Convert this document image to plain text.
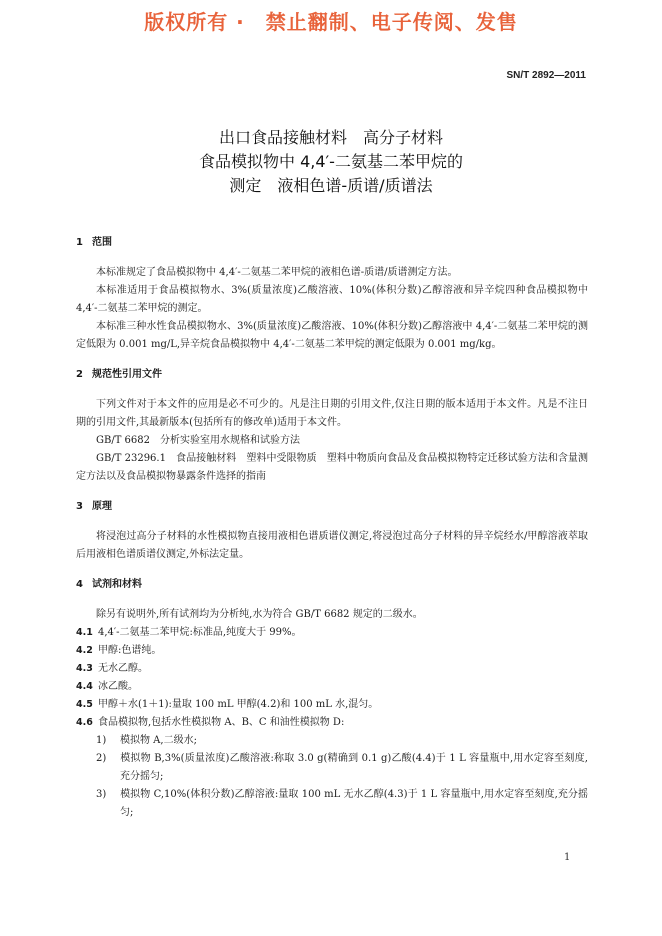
版权所有 ·　禁止翻制、电子传阅、发售
SN/T 2892—2011
出口食品接触材料　高分子材料
食品模拟物中 4,4′-二氨基二苯甲烷的
测定　液相色谱-质谱/质谱法
1 范围
本标准规定了食品模拟物中 4,4′-二氨基二苯甲烷的液相色谱-质谱/质谱测定方法。
本标准适用于食品模拟物水、3%(质量浓度)乙酸溶液、10%(体积分数)乙醇溶液和异辛烷四种食品模拟物中 4,4′-二氨基二苯甲烷的测定。
本标准三种水性食品模拟物水、3%(质量浓度)乙酸溶液、10%(体积分数)乙醇溶液中 4,4′-二氨基二苯甲烷的测定低限为 0.001 mg/L,异辛烷食品模拟物中 4,4′-二氨基二苯甲烷的测定低限为 0.001 mg/kg。
2 规范性引用文件
下列文件对于本文件的应用是必不可少的。凡是注日期的引用文件,仅注日期的版本适用于本文件。凡是不注日期的引用文件,其最新版本(包括所有的修改单)适用于本文件。
GB/T 6682　分析实验室用水规格和试验方法
GB/T 23296.1　食品接触材料　塑料中受限物质　塑料中物质向食品及食品模拟物特定迁移试验方法和含量测定方法以及食品模拟物暴露条件选择的指南
3 原理
将浸泡过高分子材料的水性模拟物直接用液相色谱质谱仪测定,将浸泡过高分子材料的异辛烷经水/甲醇溶液萃取后用液相色谱质谱仪测定,外标法定量。
4 试剂和材料
除另有说明外,所有试剂均为分析纯,水为符合 GB/T 6682 规定的二级水。
4.1 4,4′-二氨基二苯甲烷:标准品,纯度大于 99%。
4.2 甲醇:色谱纯。
4.3 无水乙醇。
4.4 冰乙酸。
4.5 甲醇＋水(1＋1):量取 100 mL 甲醇(4.2)和 100 mL 水,混匀。
4.6 食品模拟物,包括水性模拟物 A、B、C 和油性模拟物 D:
1) 模拟物 A,二级水;
2) 模拟物 B,3%(质量浓度)乙酸溶液:称取 3.0 g(精确到 0.1 g)乙酸(4.4)于 1 L 容量瓶中,用水定容至刻度,充分摇匀;
3) 模拟物 C,10%(体积分数)乙醇溶液:量取 100 mL 无水乙醇(4.3)于 1 L 容量瓶中,用水定容至刻度,充分摇匀;
1
